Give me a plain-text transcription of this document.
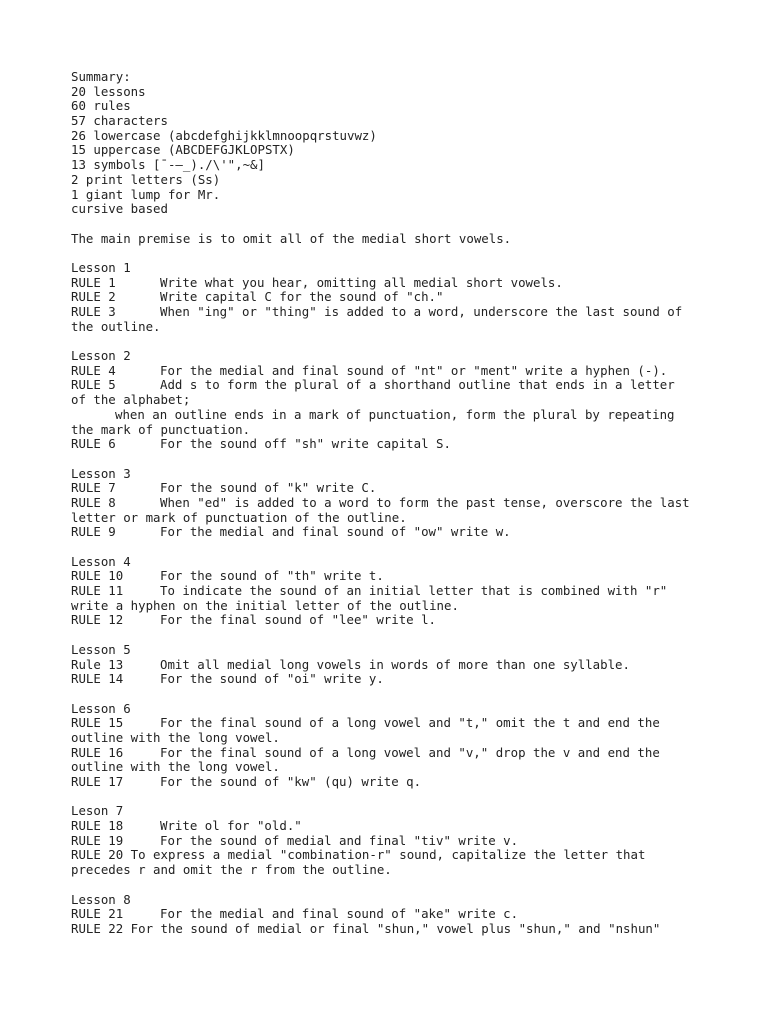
Summary:
20 lessons
60 rules
57 characters
26 lowercase (abcdefghijkklmnoopqrstuvwz)
15 uppercase (ABCDEFGJKLOPSTX)
13 symbols [¯-—_)./\'",~&]
2 print letters (Ss)
1 giant lump for Mr.
cursive based
The main premise is to omit all of the medial short vowels.
Lesson 1
RULE 1	Write what you hear, omitting all medial short vowels.
RULE 2	Write capital C for the sound of "ch."
RULE 3	When "ing" or "thing" is added to a word, underscore the last sound of
the outline.
Lesson 2
RULE 4	For the medial and final sound of "nt" or "ment" write a hyphen (-).
RULE 5	Add s to form the plural of a shorthand outline that ends in a letter
of the alphabet;
when an outline ends in a mark of punctuation, form the plural by repeating
the mark of punctuation.
RULE 6	For the sound off "sh" write capital S.
Lesson 3
RULE 7	For the sound of "k" write C.
RULE 8	When "ed" is added to a word to form the past tense, overscore the last
letter or mark of punctuation of the outline.
RULE 9	For the medial and final sound of "ow" write w.
Lesson 4
RULE 10	For the sound of "th" write t.
RULE 11	To indicate the sound of an initial letter that is combined with "r"
write a hyphen on the initial letter of the outline.
RULE 12	For the final sound of "lee" write l.
Lesson 5
Rule 13	Omit all medial long vowels in words of more than one syllable.
RULE 14	For the sound of "oi" write y.
Lesson 6
RULE 15	For the final sound of a long vowel and "t," omit the t and end the
outline with the long vowel.
RULE 16	For the final sound of a long vowel and "v," drop the v and end the
outline with the long vowel.
RULE 17	For the sound of "kw" (qu) write q.
Leson 7
RULE 18	Write ol for "old."
RULE 19	For the sound of medial and final "tiv" write v.
RULE 20 To express a medial "combination-r" sound, capitalize the letter that
precedes r and omit the r from the outline.
Lesson 8
RULE 21	For the medial and final sound of "ake" write c.
RULE 22 For the sound of medial or final "shun," vowel plus "shun," and "nshun"
